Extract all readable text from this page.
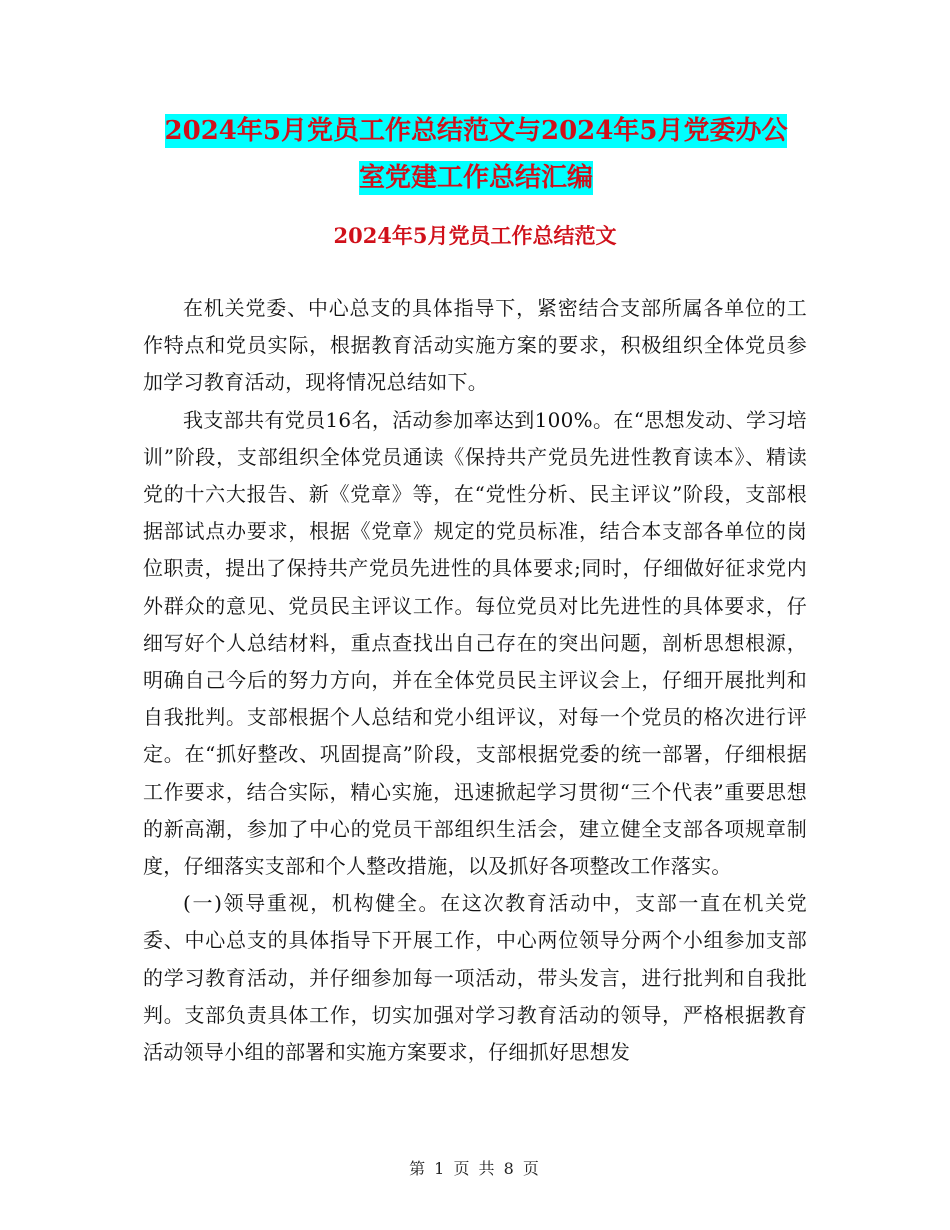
2024年5月党员工作总结范文与2024年5月党委办公
室党建工作总结汇编
2024年5月党员工作总结范文

在机关党委、中心总支的具体指导下，紧密结合支部所属各单位的工作特点和党员实际，根据教育活动实施方案的要求，积极组织全体党员参加学习教育活动，现将情况总结如下。

我支部共有党员16名，活动参加率达到100%。在“思想发动、学习培训”阶段，支部组织全体党员通读《保持共产党员先进性教育读本》、精读党的十六大报告、新《党章》等，在“党性分析、民主评议”阶段，支部根据部试点办要求，根据《党章》规定的党员标准，结合本支部各单位的岗位职责，提出了保持共产党员先进性的具体要求;同时，仔细做好征求党内外群众的意见、党员民主评议工作。每位党员对比先进性的具体要求，仔细写好个人总结材料，重点查找出自己存在的突出问题，剖析思想根源，明确自己今后的努力方向，并在全体党员民主评议会上，仔细开展批判和自我批判。支部根据个人总结和党小组评议，对每一个党员的格次进行评定。在“抓好整改、巩固提高”阶段，支部根据党委的统一部署，仔细根据工作要求，结合实际，精心实施，迅速掀起学习贯彻“三个代表”重要思想的新高潮，参加了中心的党员干部组织生活会，建立健全支部各项规章制度，仔细落实支部和个人整改措施，以及抓好各项整改工作落实。

(一)领导重视，机构健全。在这次教育活动中，支部一直在机关党委、中心总支的具体指导下开展工作，中心两位领导分两个小组参加支部的学习教育活动，并仔细参加每一项活动，带头发言，进行批判和自我批判。支部负责具体工作，切实加强对学习教育活动的领导，严格根据教育活动领导小组的部署和实施方案要求，仔细抓好思想发

第 1 页 共 8 页
